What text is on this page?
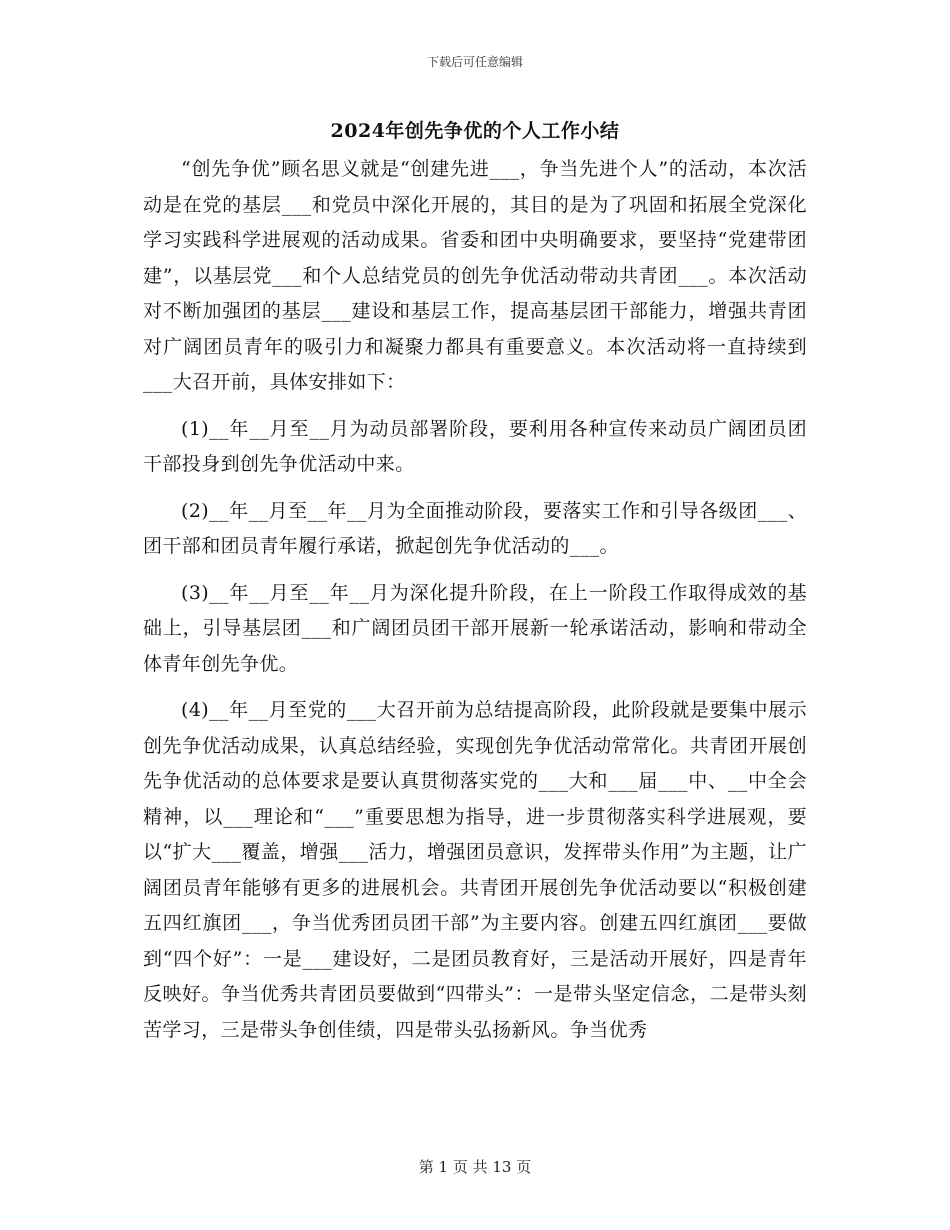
下载后可任意编辑
2024年创先争优的个人工作小结

“创先争优”顾名思义就是“创建先进___，争当先进个人”的活动，本次活动是在党的基层___和党员中深化开展的，其目的是为了巩固和拓展全党深化学习实践科学进展观的活动成果。省委和团中央明确要求，要坚持“党建带团建”，以基层党___和个人总结党员的创先争优活动带动共青团___。本次活动对不断加强团的基层___建设和基层工作，提高基层团干部能力，增强共青团对广阔团员青年的吸引力和凝聚力都具有重要意义。本次活动将一直持续到___大召开前，具体安排如下：

(1)__年__月至__月为动员部署阶段，要利用各种宣传来动员广阔团员团干部投身到创先争优活动中来。

(2)__年__月至__年__月为全面推动阶段，要落实工作和引导各级团___、团干部和团员青年履行承诺，掀起创先争优活动的___。

(3)__年__月至__年__月为深化提升阶段，在上一阶段工作取得成效的基础上，引导基层团___和广阔团员团干部开展新一轮承诺活动，影响和带动全体青年创先争优。

(4)__年__月至党的___大召开前为总结提高阶段，此阶段就是要集中展示创先争优活动成果，认真总结经验，实现创先争优活动常常化。共青团开展创先争优活动的总体要求是要认真贯彻落实党的___大和___届___中、__中全会精神，以___理论和“___”重要思想为指导，进一步贯彻落实科学进展观，要以“扩大___覆盖，增强___活力，增强团员意识，发挥带头作用”为主题，让广阔团员青年能够有更多的进展机会。共青团开展创先争优活动要以“积极创建五四红旗团___，争当优秀团员团干部”为主要内容。创建五四红旗团___要做到“四个好”：一是___建设好，二是团员教育好，三是活动开展好，四是青年反映好。争当优秀共青团员要做到“四带头”：一是带头坚定信念，二是带头刻苦学习，三是带头争创佳绩，四是带头弘扬新风。争当优秀

第 1 页 共 13 页
